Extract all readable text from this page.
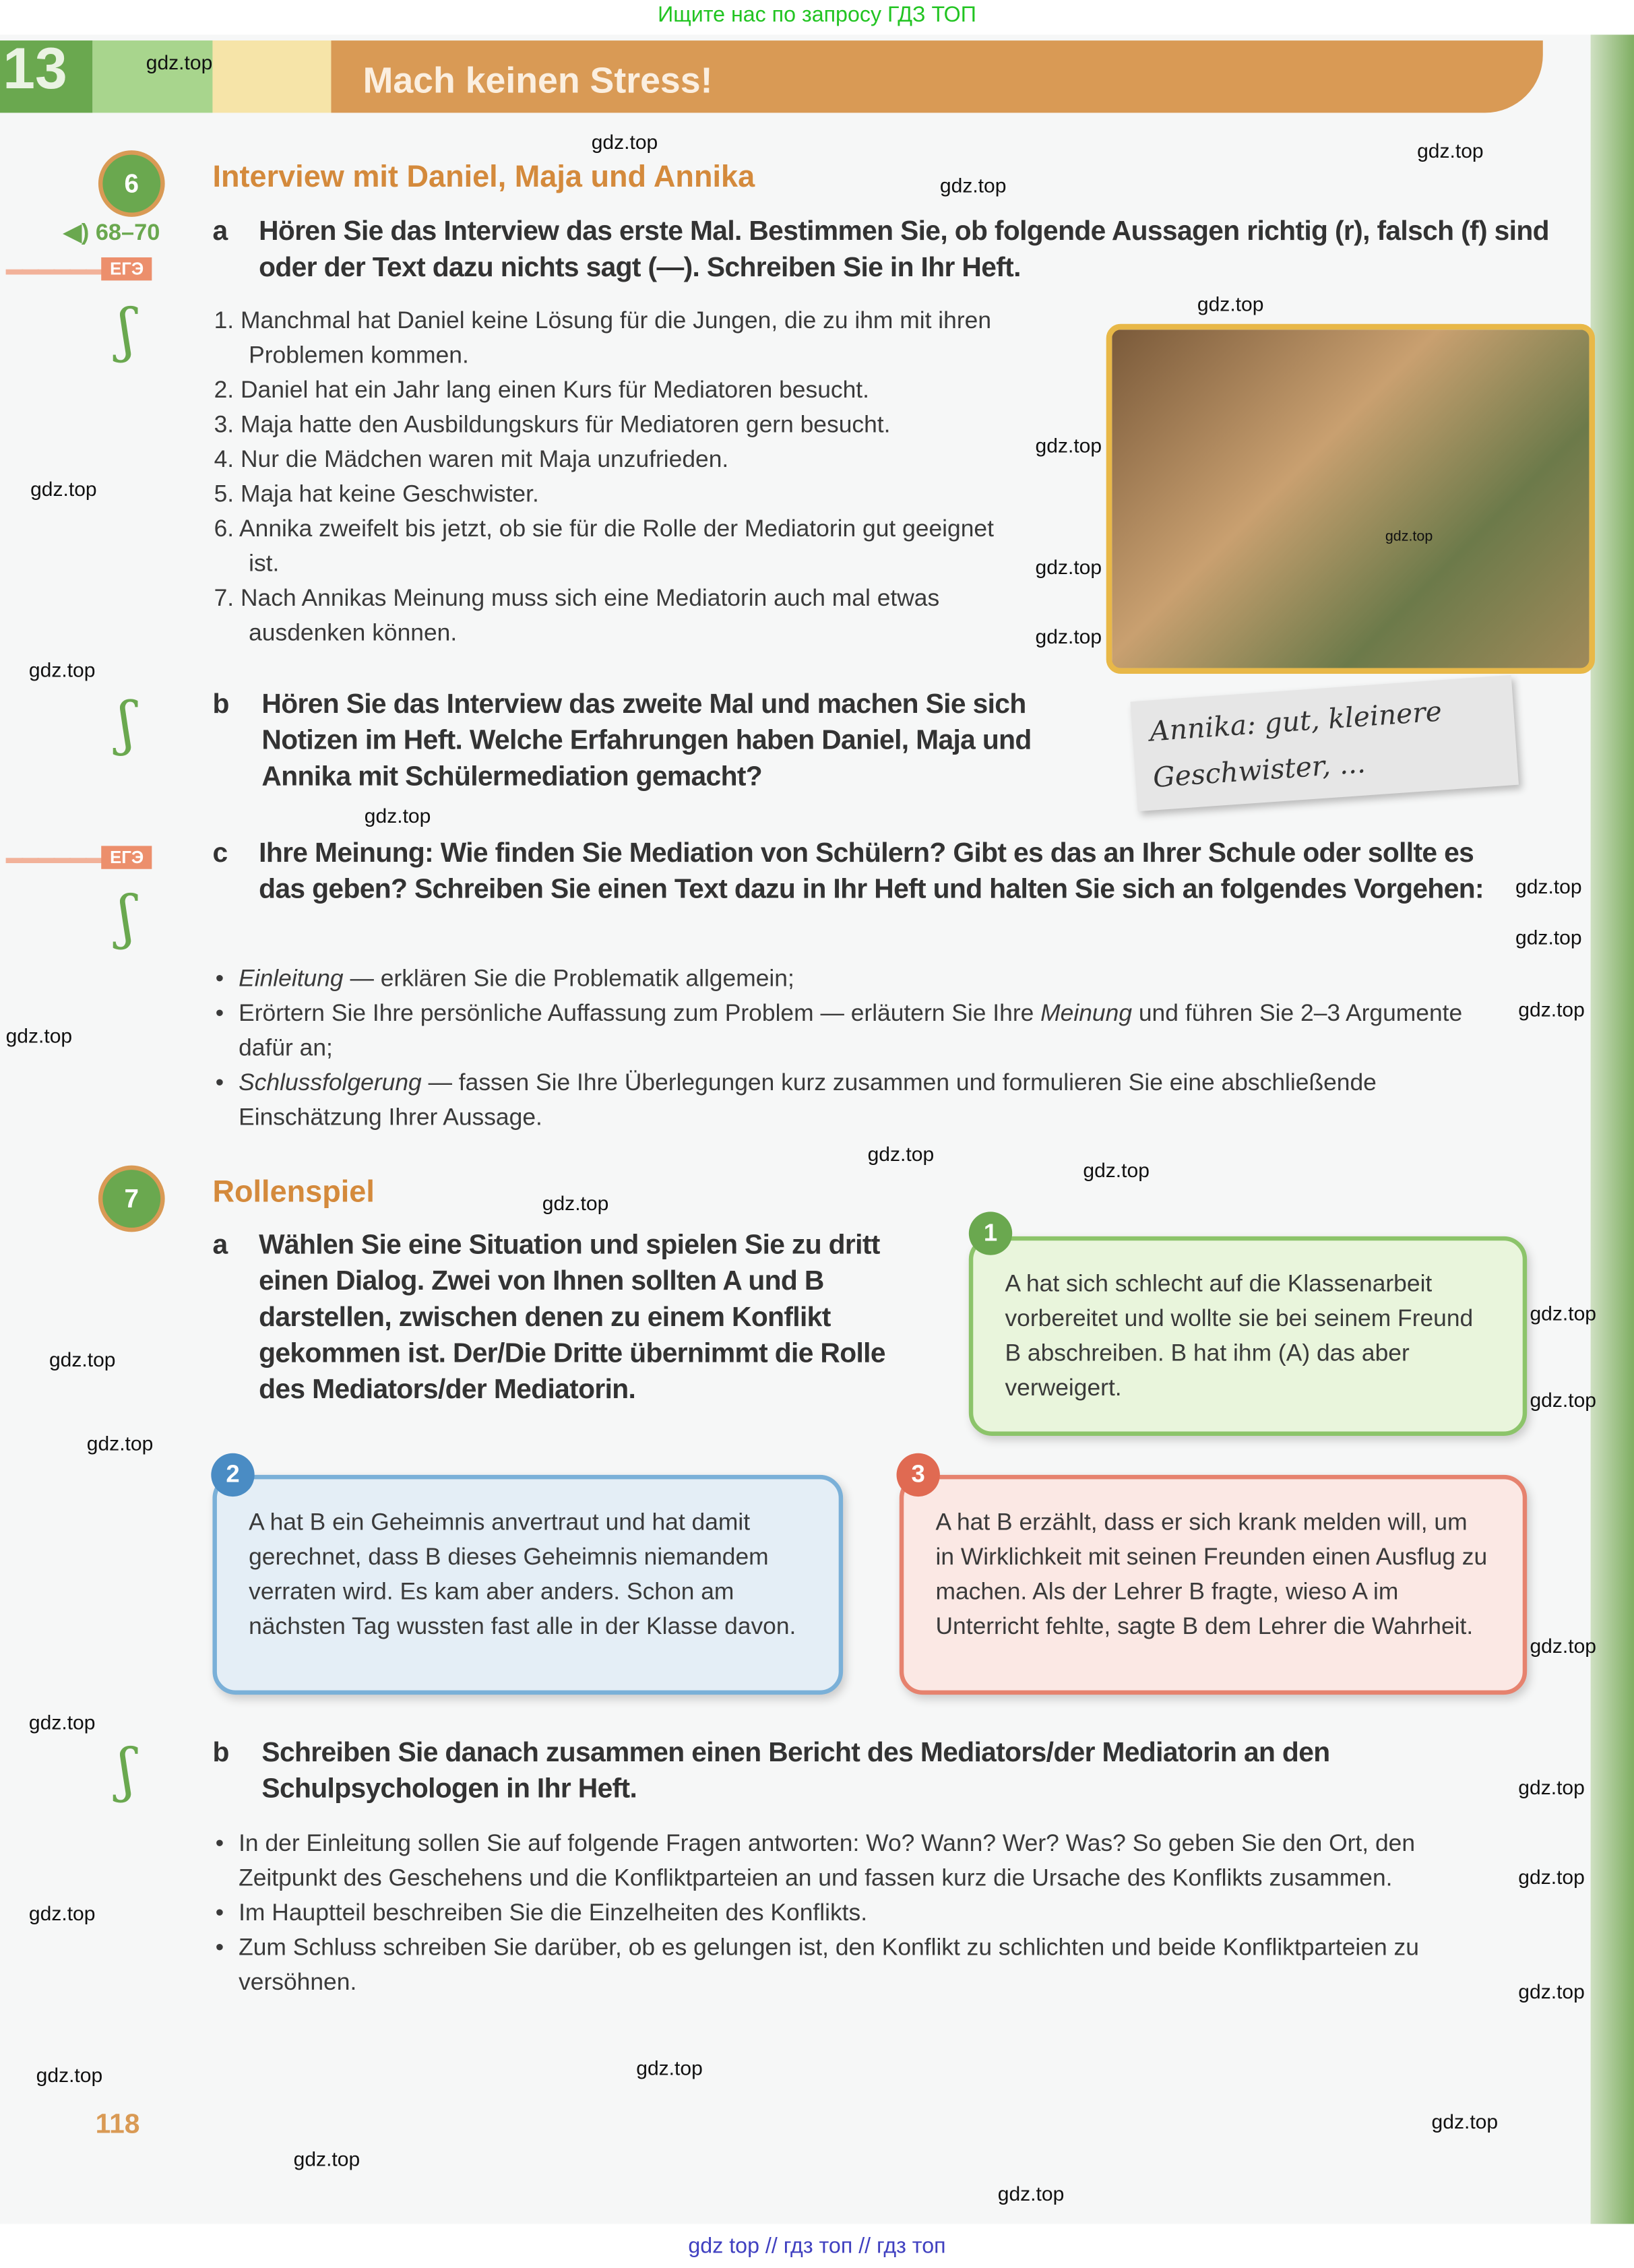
Ищите нас по запросу ГДЗ ТОП
13	Mach keinen Stress!
6	Interview mit Daniel, Maja und Annika
◀) 68–70
▬▬▬▬▬▬ ЕГЭ
a Hören Sie das Interview das erste Mal. Bestimmen Sie, ob folgende Aussagen richtig (r), falsch (f) sind oder der Text dazu nichts sagt (—). Schreiben Sie in Ihr Heft.
ʃ	1. Manchmal hat Daniel keine Lösung für die Jungen, die zu ihm mit ihren Problemen kommen.
2. Daniel hat ein Jahr lang einen Kurs für Mediatoren besucht.
3. Maja hatte den Ausbildungskurs für Mediatoren gern besucht.
4. Nur die Mädchen waren mit Maja unzufrieden.
5. Maja hat keine Geschwister.
6. Annika zweifelt bis jetzt, ob sie für die Rolle der Mediatorin gut geeignet ist.
7. Nach Annikas Meinung muss sich eine Mediatorin auch mal etwas ausdenken können.
ʃ	b	Hören Sie das Interview das zweite Mal und machen Sie sich Notizen im Heft. Welche Erfahrungen haben Daniel, Maja und Annika mit Schülermediation gemacht?
Annika: gut, kleinere Geschwister, ...
▬▬▬▬▬▬ ЕГЭ
ʃ
c Ihre Meinung: Wie finden Sie Mediation von Schülern? Gibt es das an Ihrer Schule oder sollte es das geben? Schreiben Sie einen Text dazu in Ihr Heft und halten Sie sich an folgendes Vorgehen:
• Einleitung — erklären Sie die Problematik allgemein;
• Erörtern Sie Ihre persönliche Auffassung zum Problem — erläutern Sie Ihre Meinung und führen Sie 2–3 Argumente dafür an;
• Schlussfolgerung — fassen Sie Ihre Überlegungen kurz zusammen und formulieren Sie eine abschließende Einschätzung Ihrer Aussage.
7	Rollenspiel
a Wählen Sie eine Situation und spielen Sie zu dritt einen Dialog. Zwei von Ihnen sollten A und B darstellen, zwischen denen zu einem Konflikt gekommen ist. Der/Die Dritte übernimmt die Rolle des Mediators/der Mediatorin.
A hat sich schlecht auf die Klassenarbeit vorbereitet und wollte sie bei seinem Freund B abschreiben. B hat ihm (A) das aber verweigert.
1
A hat B ein Geheimnis anvertraut und hat damit gerechnet, dass B dieses Geheimnis niemandem verraten wird. Es kam aber anders. Schon am nächsten Tag wussten fast alle in der Klasse davon.
2
A hat B erzählt, dass er sich krank melden will, um in Wirklichkeit mit seinen Freunden einen Ausflug zu machen. Als der Lehrer B fragte, wieso A im Unterricht fehlte, sagte B dem Lehrer die Wahrheit.
3
ʃ	b	Schreiben Sie danach zusammen einen Bericht des Mediators/der Mediatorin an den Schulpsychologen in Ihr Heft.
• In der Einleitung sollen Sie auf folgende Fragen antworten: Wo? Wann? Wer? Was? So geben Sie den Ort, den Zeitpunkt des Geschehens und die Konfliktparteien an und fassen kurz die Ursache des Konflikts zusammen.
• Im Hauptteil beschreiben Sie die Einzelheiten des Konflikts.
• Zum Schluss schreiben Sie darüber, ob es gelungen ist, den Konflikt zu schlichten und beide Konfliktparteien zu versöhnen.
118
gdz.top
gdz.top
gdz.top
gdz.top
gdz.top
gdz.top
gdz.top
gdz.top
gdz.top
gdz.top
gdz.top
gdz.top
gdz.top
gdz.top
gdz.top
gdz.top
gdz.top
gdz.top
gdz.top
gdz.top
gdz.top
gdz.top
gdz.top
gdz.top
gdz.top
gdz.top
gdz.top
gdz.top
gdz.top
gdz.top
gdz.top
gdz.top
gdz.top
gdz.top
gdz top // гдз топ // гдз топ
